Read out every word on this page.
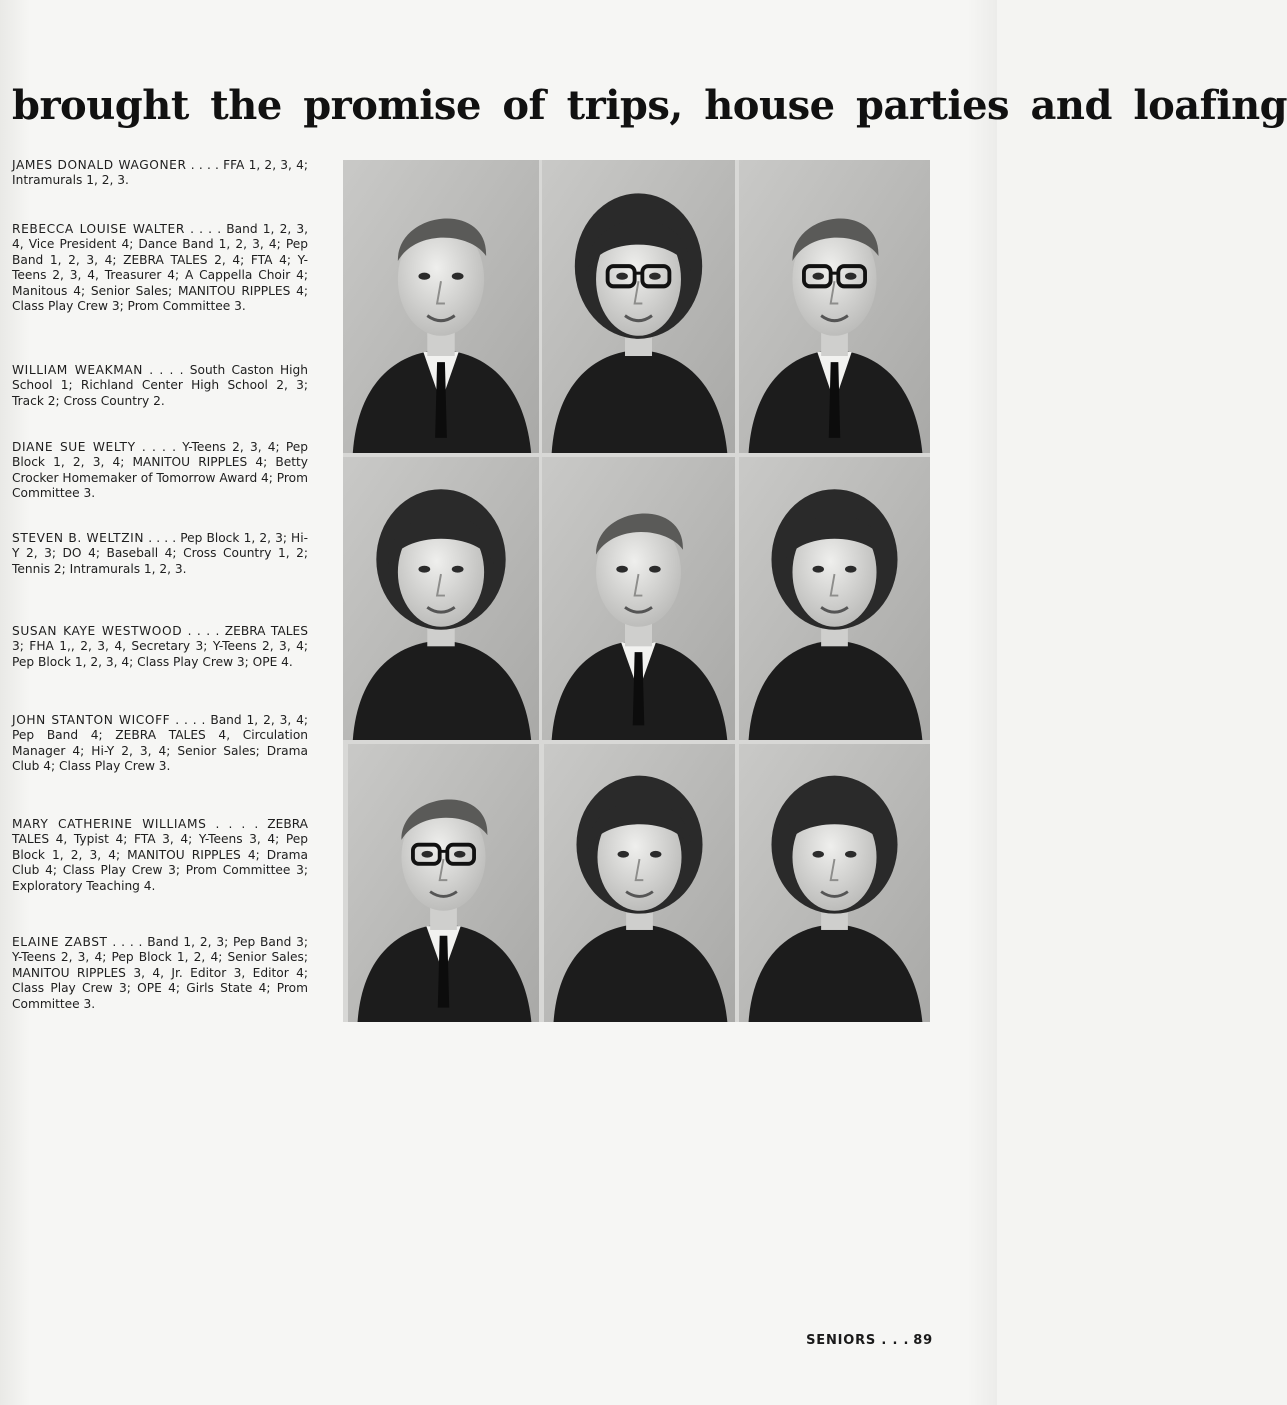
brought the promise of trips, house parties and loafing
JAMES DONALD WAGONER . . . . FFA 1, 2, 3, 4; Intramurals 1, 2, 3.
REBECCA LOUISE WALTER . . . . Band 1, 2, 3, 4, Vice President 4; Dance Band 1, 2, 3, 4; Pep Band 1, 2, 3, 4; ZEBRA TALES 2, 4; FTA 4; Y-Teens 2, 3, 4, Treasurer 4; A Cappella Choir 4; Manitous 4; Senior Sales; MANITOU RIPPLES 4; Class Play Crew 3; Prom Committee 3.
WILLIAM WEAKMAN . . . . South Caston High School 1; Richland Center High School 2, 3; Track 2; Cross Country 2.
DIANE SUE WELTY . . . . Y-Teens 2, 3, 4; Pep Block 1, 2, 3, 4; MANITOU RIPPLES 4; Betty Crocker Homemaker of Tomorrow Award 4; Prom Committee 3.
STEVEN B. WELTZIN . . . . Pep Block 1, 2, 3; Hi-Y 2, 3; DO 4; Baseball 4; Cross Country 1, 2; Tennis 2; Intramurals 1, 2, 3.
SUSAN KAYE WESTWOOD . . . . ZEBRA TALES 3; FHA 1,, 2, 3, 4, Secretary 3; Y-Teens 2, 3, 4; Pep Block 1, 2, 3, 4; Class Play Crew 3; OPE 4.
JOHN STANTON WICOFF . . . . Band 1, 2, 3, 4; Pep Band 4; ZEBRA TALES 4, Circulation Manager 4; Hi-Y 2, 3, 4; Senior Sales; Drama Club 4; Class Play Crew 3.
MARY CATHERINE WILLIAMS . . . . ZEBRA TALES 4, Typist 4; FTA 3, 4; Y-Teens 3, 4; Pep Block 1, 2, 3, 4; MANITOU RIPPLES 4; Drama Club 4; Class Play Crew 3; Prom Committee 3; Exploratory Teaching 4.
ELAINE ZABST . . . . Band 1, 2, 3; Pep Band 3; Y-Teens 2, 3, 4; Pep Block 1, 2, 4; Senior Sales; MANITOU RIPPLES 3, 4, Jr. Editor 3, Editor 4; Class Play Crew 3; OPE 4; Girls State 4; Prom Committee 3.
SENIORS . . . 89
